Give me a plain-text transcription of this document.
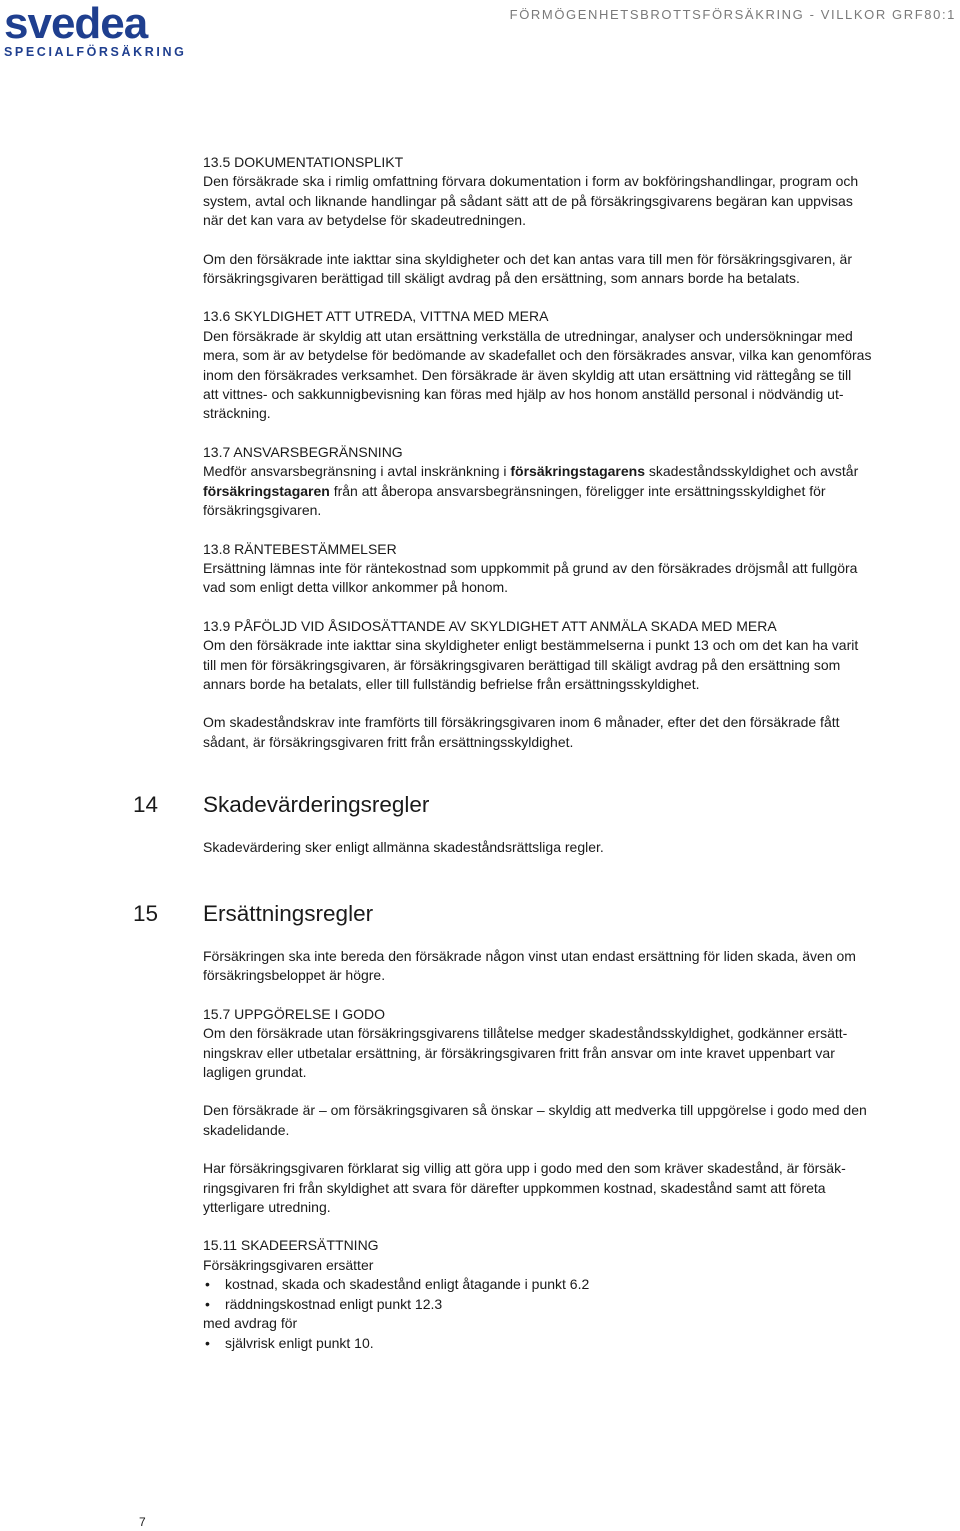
svedea
SPECIALFÖRSÄKRING
FÖRMÖGENHETSBROTTSFÖRSÄKRING - VILLKOR GRF80:1

13.5 DOKUMENTATIONSPLIKT

Den försäkrade ska i rimlig omfattning förvara dokumentation i form av bokföringshandlingar, program och

system, avtal och liknande handlingar på sådant sätt att de på försäkringsgivarens begäran kan uppvisas

när det kan vara av betydelse för skadeutredningen.

Om den försäkrade inte iakttar sina skyldigheter och det kan antas vara till men för försäkringsgivaren, är

försäkringsgivaren berättigad till skäligt avdrag på den ersättning, som annars borde ha betalats.

13.6 SKYLDIGHET ATT UTREDA, VITTNA MED MERA

Den försäkrade är skyldig att utan ersättning verkställa de utredningar, analyser och undersökningar med

mera, som är av betydelse för bedömande av skadefallet och den försäkrades ansvar, vilka kan genomföras

inom den försäkrades verksamhet. Den försäkrade är även skyldig att utan ersättning vid rättegång se till

att vittnes- och sakkunnigbevisning kan föras med hjälp av hos honom anställd personal i nödvändig ut-

sträckning.

13.7 ANSVARSBEGRÄNSNING

Medför ansvarsbegränsning i avtal inskränkning i försäkringstagarens skadeståndsskyldighet och avstår

försäkringstagaren från att åberopa ansvarsbegränsningen, föreligger inte ersättningsskyldighet för

försäkringsgivaren.

13.8 RÄNTEBESTÄMMELSER

Ersättning lämnas inte för räntekostnad som uppkommit på grund av den försäkrades dröjsmål att fullgöra

vad som enligt detta villkor ankommer på honom.

13.9 PÅFÖLJD VID ÅSIDOSÄTTANDE AV SKYLDIGHET ATT ANMÄLA SKADA MED MERA

Om den försäkrade inte iakttar sina skyldigheter enligt bestämmelserna i punkt 13 och om det kan ha varit

till men för försäkringsgivaren, är försäkringsgivaren berättigad till skäligt avdrag på den ersättning som

annars borde ha betalats, eller till fullständig befrielse från ersättningsskyldighet.

Om skadeståndskrav inte framförts till försäkringsgivaren inom 6 månader, efter det den försäkrade fått

sådant, är försäkringsgivaren fritt från ersättningsskyldighet.

14 Skadevärderingsregler

Skadevärdering sker enligt allmänna skadeståndsrättsliga regler.

15 Ersättningsregler

Försäkringen ska inte bereda den försäkrade någon vinst utan endast ersättning för liden skada, även om

försäkringsbeloppet är högre.

15.7 UPPGÖRELSE I GODO

Om den försäkrade utan försäkringsgivarens tillåtelse medger skadeståndsskyldighet, godkänner ersätt-

ningskrav eller utbetalar ersättning, är försäkringsgivaren fritt från ansvar om inte kravet uppenbart var

lagligen grundat.

Den försäkrade är – om försäkringsgivaren så önskar – skyldig att medverka till uppgörelse i godo med den

skadelidande.

Har försäkringsgivaren förklarat sig villig att göra upp i godo med den som kräver skadestånd, är försäk-

ringsgivaren fri från skyldighet att svara för därefter uppkommen kostnad, skadestånd samt att företa

ytterligare utredning.

15.11 SKADEERSÄTTNING

Försäkringsgivaren ersätter

• kostnad, skada och skadestånd enligt åtagande i punkt 6.2
• räddningskostnad enligt punkt 12.3

med avdrag för

• självrisk enligt punkt 10.
7
